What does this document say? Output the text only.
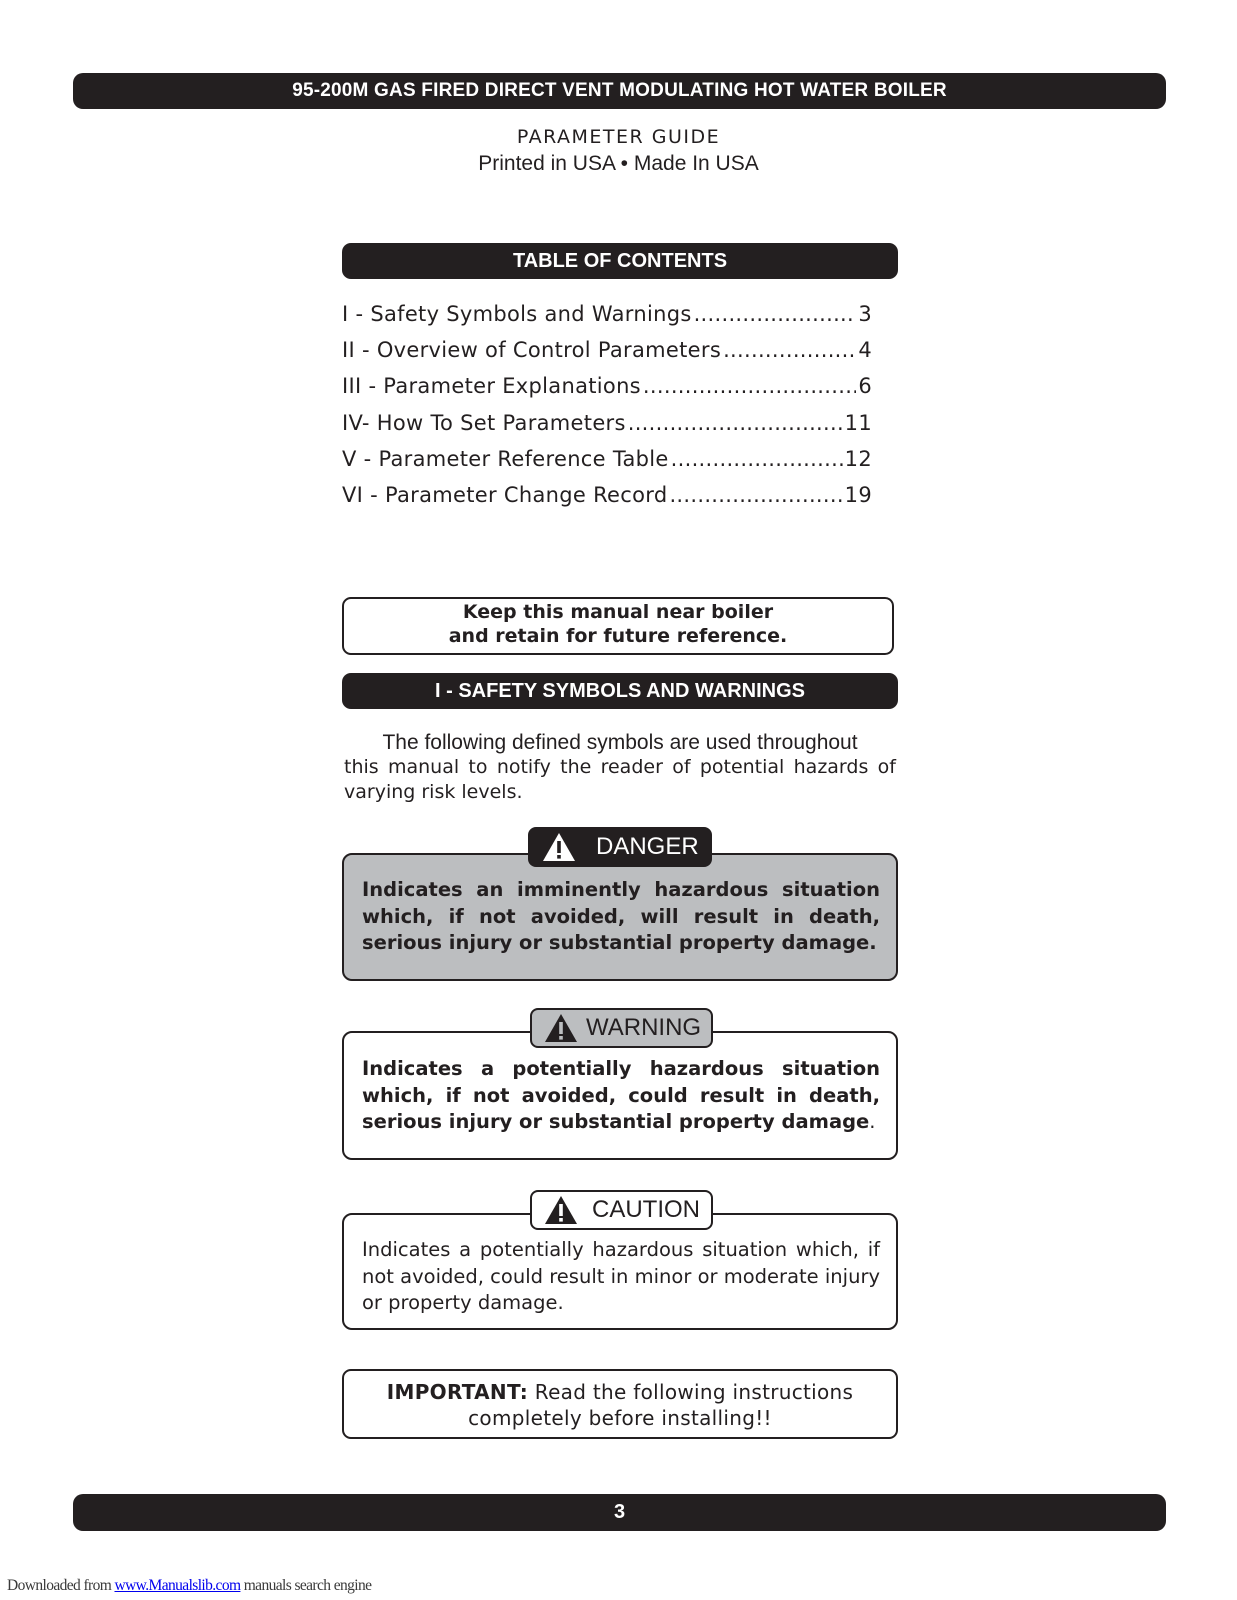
95-200M GAS FIRED DIRECT VENT MODULATING HOT WATER BOILER
PARAMETER GUIDE
Printed in USA • Made In USA
TABLE OF CONTENTS
I - Safety Symbols and Warnings .....	3
II - Overview of Control Parameters .....	4
III - Parameter Explanations .....	6
IV- How To Set Parameters .....	11
V - Parameter Reference Table .....	12
VI - Parameter Change Record .....	19
Keep this manual near boiler
and retain for future reference.
I - SAFETY SYMBOLS AND WARNINGS
The following defined symbols are used throughout
this manual to notify the reader of potential hazards of varying risk levels.
Indicates an imminently hazardous situation which, if not avoided, will result in death, serious injury or substantial property damage.
DANGER
Indicates a potentially hazardous situation which, if not avoided, could result in death, serious injury or substantial property damage.
WARNING
Indicates a potentially hazardous situation which, if not avoided, could result in minor or moderate injury or property damage.
CAUTION
IMPORTANT: Read the following instructions
completely before installing!!
3
Downloaded from www.Manualslib.com manuals search engine
